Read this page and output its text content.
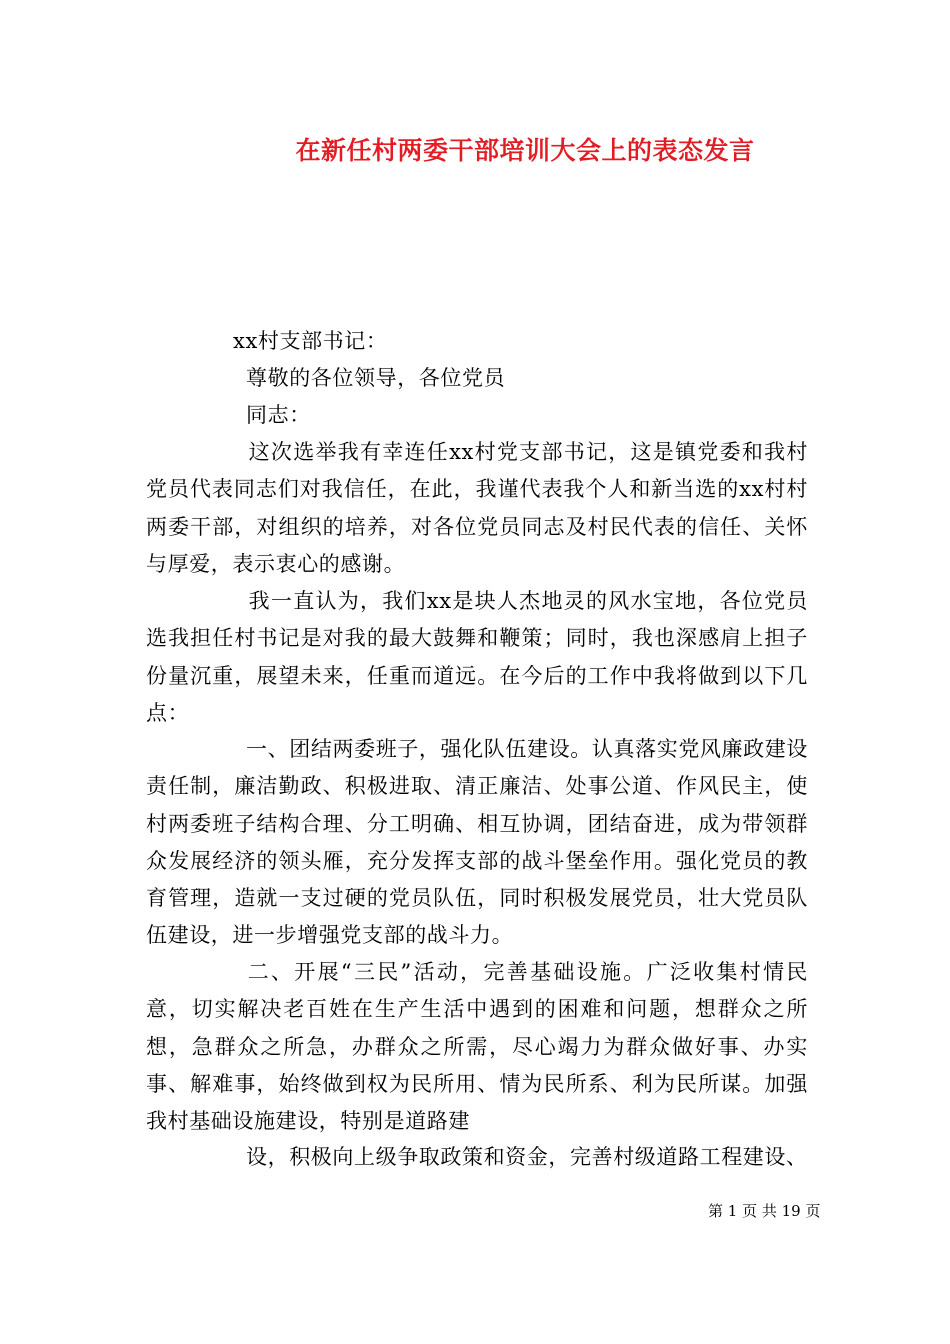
在新任村两委干部培训大会上的表态发言
xx村支部书记：
尊敬的各位领导，各位党员
同志：
这次选举我有幸连任xx村党支部书记，这是镇党委和我村党员代表同志们对我信任，在此，我谨代表我个人和新当选的xx村村两委干部，对组织的培养，对各位党员同志及村民代表的信任、关怀与厚爱，表示衷心的感谢。
我一直认为，我们xx是块人杰地灵的风水宝地，各位党员选我担任村书记是对我的最大鼓舞和鞭策；同时，我也深感肩上担子份量沉重，展望未来，任重而道远。在今后的工作中我将做到以下几点：
一、团结两委班子，强化队伍建设。认真落实党风廉政建设责任制，廉洁勤政、积极进取、清正廉洁、处事公道、作风民主，使村两委班子结构合理、分工明确、相互协调，团结奋进，成为带领群众发展经济的领头雁，充分发挥支部的战斗堡垒作用。强化党员的教育管理，造就一支过硬的党员队伍，同时积极发展党员，壮大党员队伍建设，进一步增强党支部的战斗力。
二、开展“三民”活动，完善基础设施。广泛收集村情民意，切实解决老百姓在生产生活中遇到的困难和问题，想群众之所想，急群众之所急，办群众之所需，尽心竭力为群众做好事、办实事、解难事，始终做到权为民所用、情为民所系、利为民所谋。加强我村基础设施建设，特别是道路建
设，积极向上级争取政策和资金，完善村级道路工程建设、
第 1 页 共 19 页
